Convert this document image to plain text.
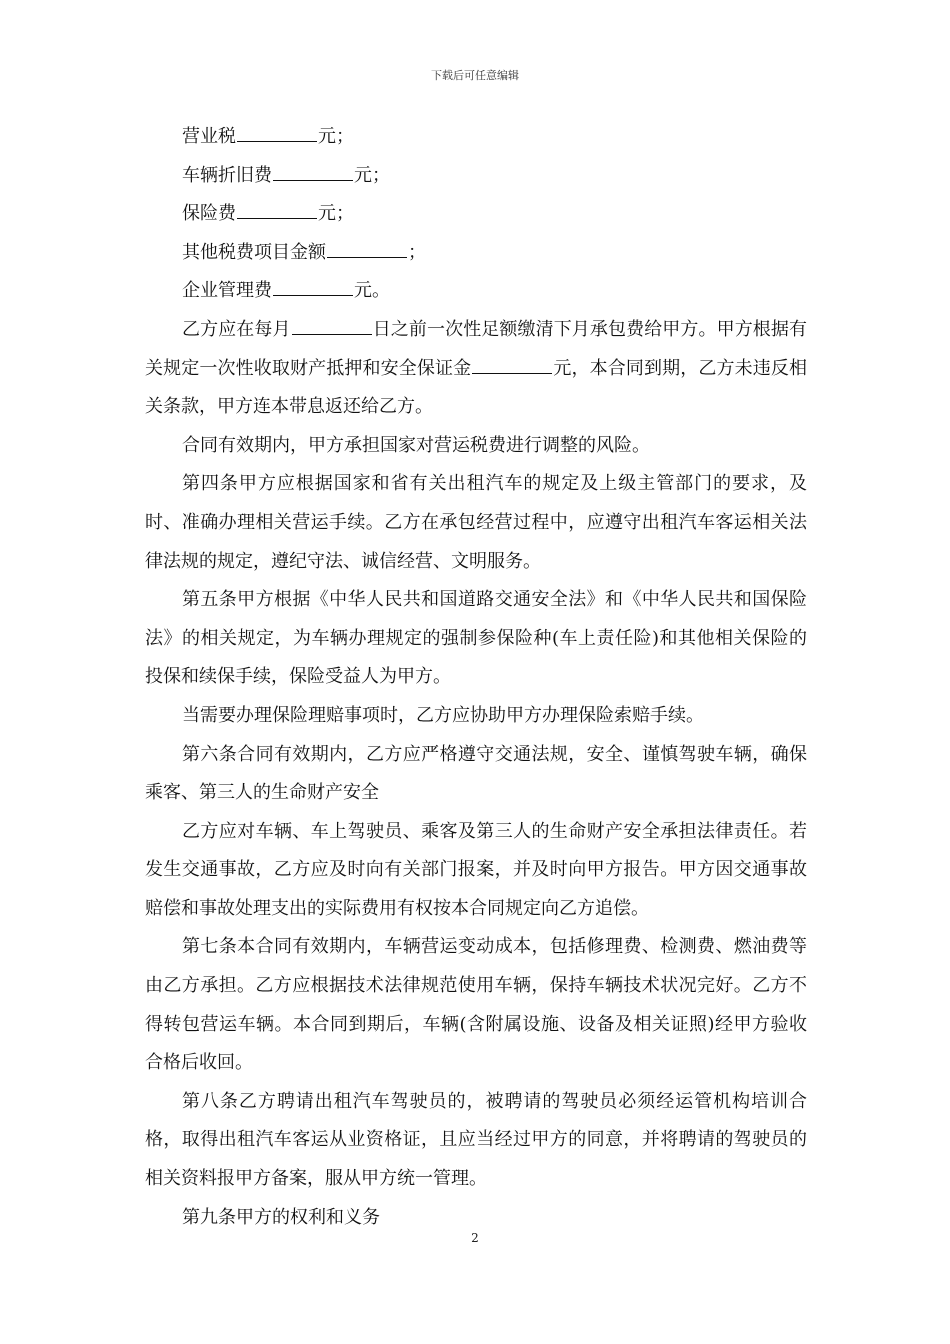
下载后可任意编辑

营业税	元；

车辆折旧费	元；

保险费	元；

其他税费项目金额	；

企业管理费	元。

乙方应在每月	日之前一次性足额缴清下月承包费给甲方。甲方根据有关规定一次性收取财产抵押和安全保证金	元，本合同到期，乙方未违反相关条款，甲方连本带息返还给乙方。

合同有效期内，甲方承担国家对营运税费进行调整的风险。

第四条甲方应根据国家和省有关出租汽车的规定及上级主管部门的要求，及时、准确办理相关营运手续。乙方在承包经营过程中，应遵守出租汽车客运相关法律法规的规定，遵纪守法、诚信经营、文明服务。

第五条甲方根据《中华人民共和国道路交通安全法》和《中华人民共和国保险法》的相关规定，为车辆办理规定的强制参保险种(车上责任险)和其他相关保险的投保和续保手续，保险受益人为甲方。

当需要办理保险理赔事项时，乙方应协助甲方办理保险索赔手续。

第六条合同有效期内，乙方应严格遵守交通法规，安全、谨慎驾驶车辆，确保乘客、第三人的生命财产安全

乙方应对车辆、车上驾驶员、乘客及第三人的生命财产安全承担法律责任。若发生交通事故，乙方应及时向有关部门报案，并及时向甲方报告。甲方因交通事故赔偿和事故处理支出的实际费用有权按本合同规定向乙方追偿。

第七条本合同有效期内，车辆营运变动成本，包括修理费、检测费、燃油费等由乙方承担。乙方应根据技术法律规范使用车辆，保持车辆技术状况完好。乙方不得转包营运车辆。本合同到期后，车辆(含附属设施、设备及相关证照)经甲方验收合格后收回。

第八条乙方聘请出租汽车驾驶员的，被聘请的驾驶员必须经运管机构培训合格，取得出租汽车客运从业资格证，且应当经过甲方的同意，并将聘请的驾驶员的相关资料报甲方备案，服从甲方统一管理。

第九条甲方的权利和义务

2
